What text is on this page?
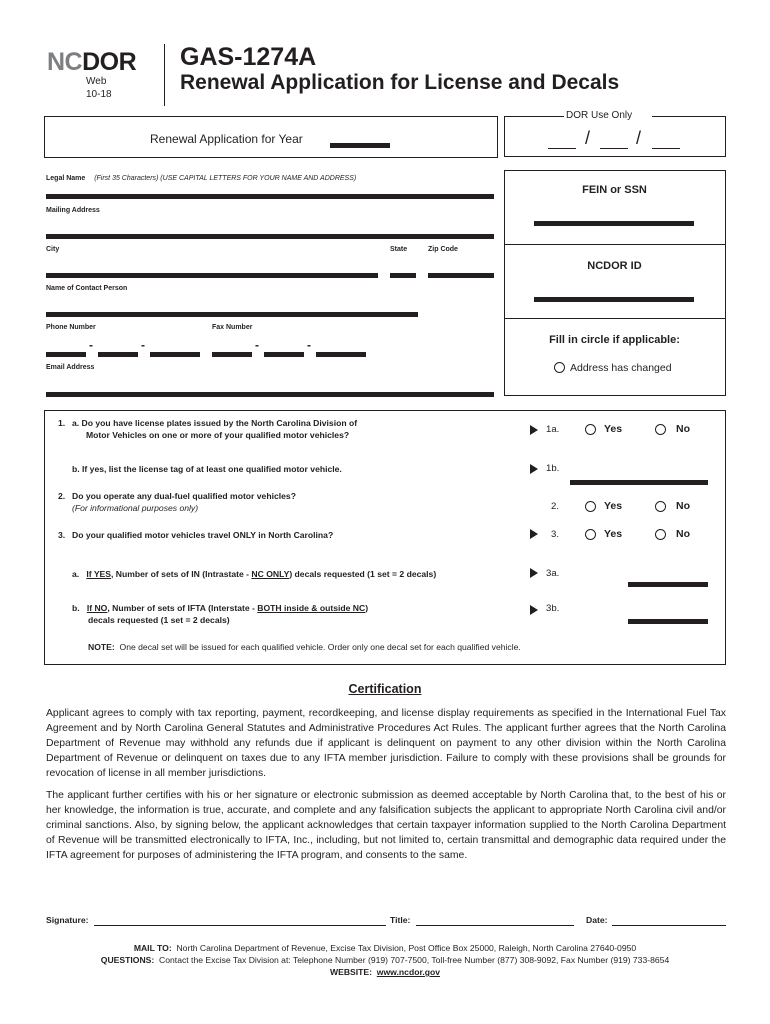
NCDOR
Web
10-18
GAS-1274A
Renewal Application for License and Decals
Renewal Application for Year
DOR Use Only
/	/
Legal Name (First 35 Characters) (USE CAPITAL LETTERS FOR YOUR NAME AND ADDRESS)
Mailing Address
City	State	Zip Code
Name of Contact Person
Phone Number	Fax Number
-	-	-	-
Email Address
FEIN or SSN
NCDOR ID
Fill in circle if applicable:
Address has changed
1. a. Do you have license plates issued by the North Carolina Division of
Motor Vehicles on one or more of your qualified motor vehicles?	1a.	Yes	No
b. If yes, list the license tag of at least one qualified motor vehicle.	1b.
2. Do you operate any dual-fuel qualified motor vehicles?
(For informational purposes only)	2.	Yes	No
3. Do your qualified motor vehicles travel ONLY in North Carolina?	3.	Yes	No
a. If YES, Number of sets of IN (Intrastate - NC ONLY) decals requested (1 set = 2 decals)	3a.
b. If NO, Number of sets of IFTA (Interstate - BOTH inside & outside NC)
decals requested (1 set = 2 decals)
3b.
NOTE: One decal set will be issued for each qualified vehicle. Order only one decal set for each qualified vehicle.
Certification
Applicant agrees to comply with tax reporting, payment, recordkeeping, and license display requirements as specified in the International Fuel Tax Agreement and by North Carolina General Statutes and Administrative Procedures Act Rules. The applicant further agrees that the North Carolina Department of Revenue may withhold any refunds due if applicant is delinquent on payment to any other division within the North Carolina Department of Revenue or delinquent on taxes due to any IFTA member jurisdiction. Failure to comply with these provisions shall be grounds for revocation of license in all member jurisdictions.
The applicant further certifies with his or her signature or electronic submission as deemed acceptable by North Carolina that, to the best of his or her knowledge, the information is true, accurate, and complete and any falsification subjects the applicant to appropriate North Carolina civil and/or criminal sanctions. Also, by signing below, the applicant acknowledges that certain taxpayer information supplied to the North Carolina Department of Revenue will be transmitted electronically to IFTA, Inc., including, but not limited to, certain transmittal and demographic data required under the IFTA agreement for purposes of administering the IFTA program, and consents to the same.
Signature:	Title:	Date:
MAIL TO: North Carolina Department of Revenue, Excise Tax Division, Post Office Box 25000, Raleigh, North Carolina 27640-0950
QUESTIONS: Contact the Excise Tax Division at: Telephone Number (919) 707-7500, Toll-free Number (877) 308-9092, Fax Number (919) 733-8654
WEBSITE: www.ncdor.gov
